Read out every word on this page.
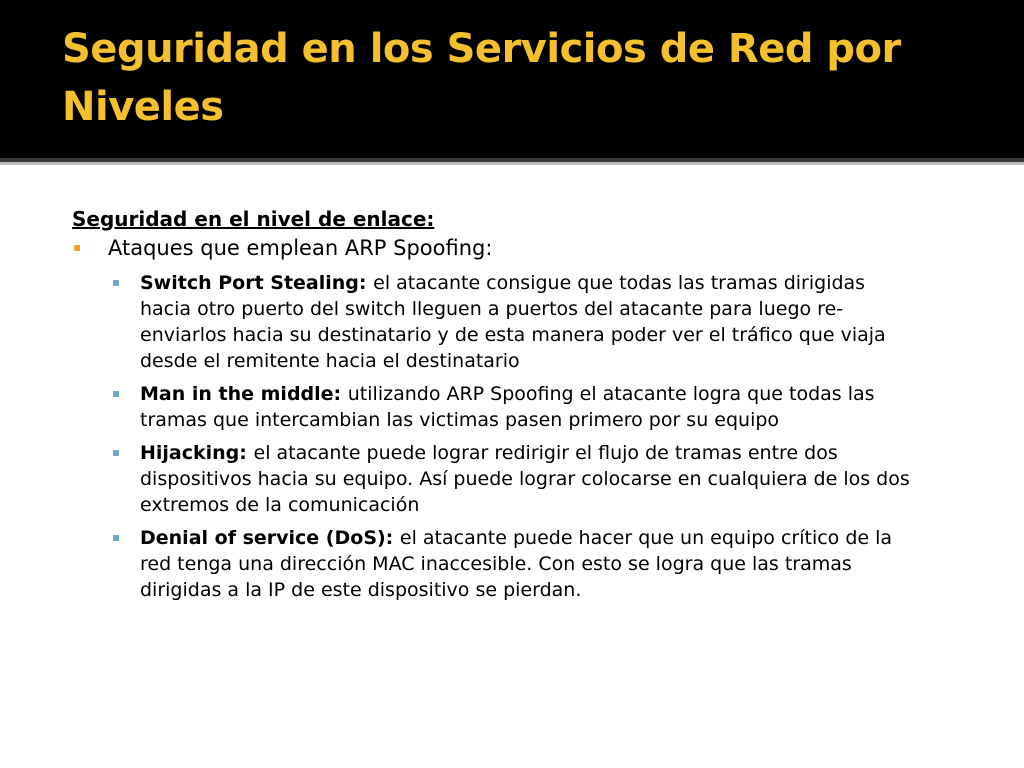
Seguridad en los Servicios de Red por Niveles

Seguridad en el nivel de enlace:

Ataques que emplean ARP Spoofing:
Switch Port Stealing: el atacante consigue que todas las tramas dirigidas hacia otro puerto del switch lleguen a puertos del atacante para luego re-enviarlos hacia su destinatario y de esta manera poder ver el tráfico que viaja desde el remitente hacia el destinatario
Man in the middle: utilizando ARP Spoofing el atacante logra que todas las tramas que intercambian las victimas pasen primero por su equipo
Hijacking: el atacante puede lograr redirigir el flujo de tramas entre dos dispositivos hacia su equipo. Así puede lograr colocarse en cualquiera de los dos extremos de la comunicación
Denial of service (DoS): el atacante puede hacer que un equipo crítico de la red tenga una dirección MAC inaccesible. Con esto se logra que las tramas dirigidas a la IP de este dispositivo se pierdan.
